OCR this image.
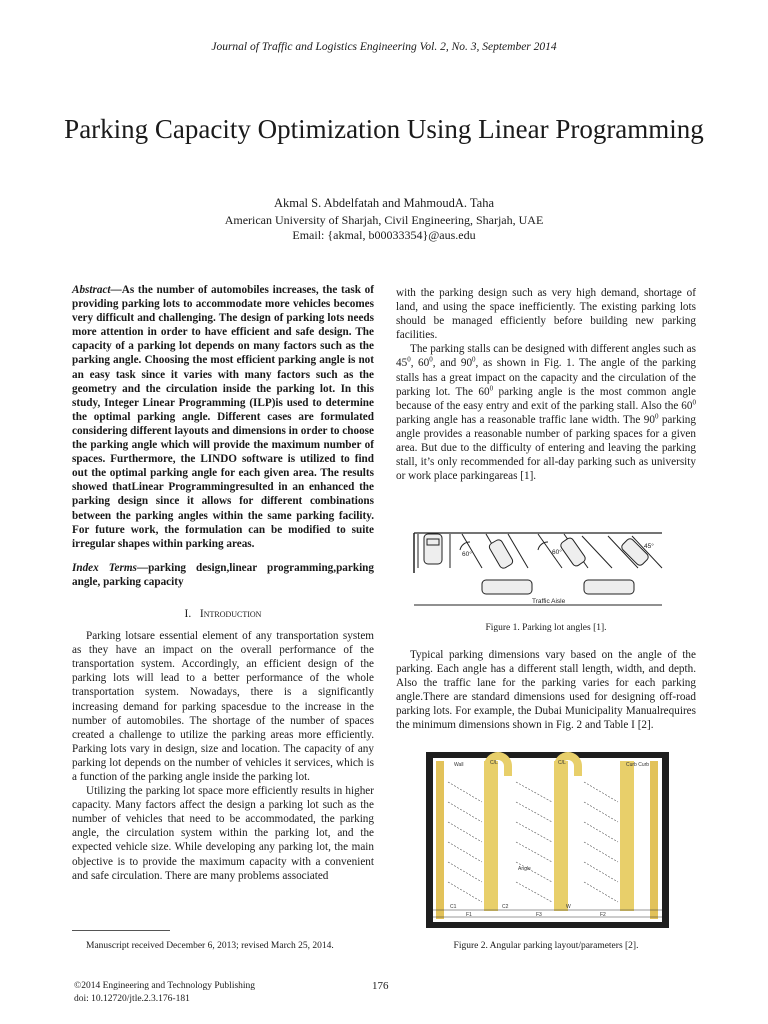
Journal of Traffic and Logistics Engineering Vol. 2, No. 3, September 2014
Parking Capacity Optimization Using Linear Programming
Akmal S. Abdelfatah and MahmoudA. Taha
American University of Sharjah, Civil Engineering, Sharjah, UAE
Email: {akmal, b00033354}@aus.edu

Abstract—As the number of automobiles increases, the task of providing parking lots to accommodate more vehicles becomes very difficult and challenging. The design of parking lots needs more attention in order to have efficient and safe design. The capacity of a parking lot depends on many factors such as the parking angle. Choosing the most efficient parking angle is not an easy task since it varies with many factors such as the geometry and the circulation inside the parking lot. In this study, Integer Linear Programming (ILP)is used to determine the optimal parking angle. Different cases are formulated considering different layouts and dimensions in order to choose the parking angle which will provide the maximum number of spaces. Furthermore, the LINDO software is utilized to find out the optimal parking angle for each given area. The results showed thatLinear Programmingresulted in an enhanced the parking design since it allows for different combinations between the parking angles within the same parking facility. For future work, the formulation can be modified to suite irregular shapes within parking areas.

Index Terms—parking design,linear programming,parking angle, parking capacity

I. Introduction

Parking lotsare essential element of any transportation system as they have an impact on the overall performance of the transportation system. Accordingly, an efficient design of the parking lots will lead to a better performance of the whole transportation system. Nowadays, there is a significantly increasing demand for parking spacesdue to the increase in the number of automobiles. The shortage of the number of spaces created a challenge to utilize the parking areas more efficiently. Parking lots vary in design, size and location. The capacity of any parking lot depends on the number of vehicles it services, which is a function of the parking angle inside the parking lot.

Utilizing the parking lot space more efficiently results in higher capacity. Many factors affect the design a parking lot such as the number of vehicles that need to be accommodated, the parking angle, the circulation system within the parking lot, and the expected vehicle size. While developing any parking lot, the main objective is to provide the maximum capacity with a convenient and safe circulation. There are many problems associated

with the parking design such as very high demand, shortage of land, and using the space inefficiently. The existing parking lots should be managed efficiently before building new parking facilities.

The parking stalls can be designed with different angles such as $45^0$, $60^0$, and $90^0$, as shown in Fig. 1. The angle of the parking stalls has a great impact on the capacity and the circulation of the parking lot. The $60^0$ parking angle is the most common angle because of the easy entry and exit of the parking stall. Also the $60^0$ parking angle has a reasonable traffic lane width. The $90^0$ parking angle provides a reasonable number of parking spaces for a given area. But due to the difficulty of entering and leaving the parking stall, it’s only recommended for all-day parking such as university or work place parkingareas [1].

60°	60°
45°
Traffic Aisle
Figure 1. Parking lot angles [1].

Typical parking dimensions vary based on the angle of the parking. Each angle has a different stall length, width, and depth. Also the traffic lane for the parking varies for each parking angle.There are standard dimensions used for designing off-road parking lots. For example, the Dubai Municipality Manualrequires the minimum dimensions shown in Fig. 2 and Table I [2].

Wall	Curb Curb
C/L	C/L
Angle
C1	C2
F1	F3	F2
W
Figure 2. Angular parking layout/parameters [2].
Manuscript received December 6, 2013; revised March 25, 2014.
©2014 Engineering and Technology Publishing
doi: 10.12720/jtle.2.3.176-181
176
